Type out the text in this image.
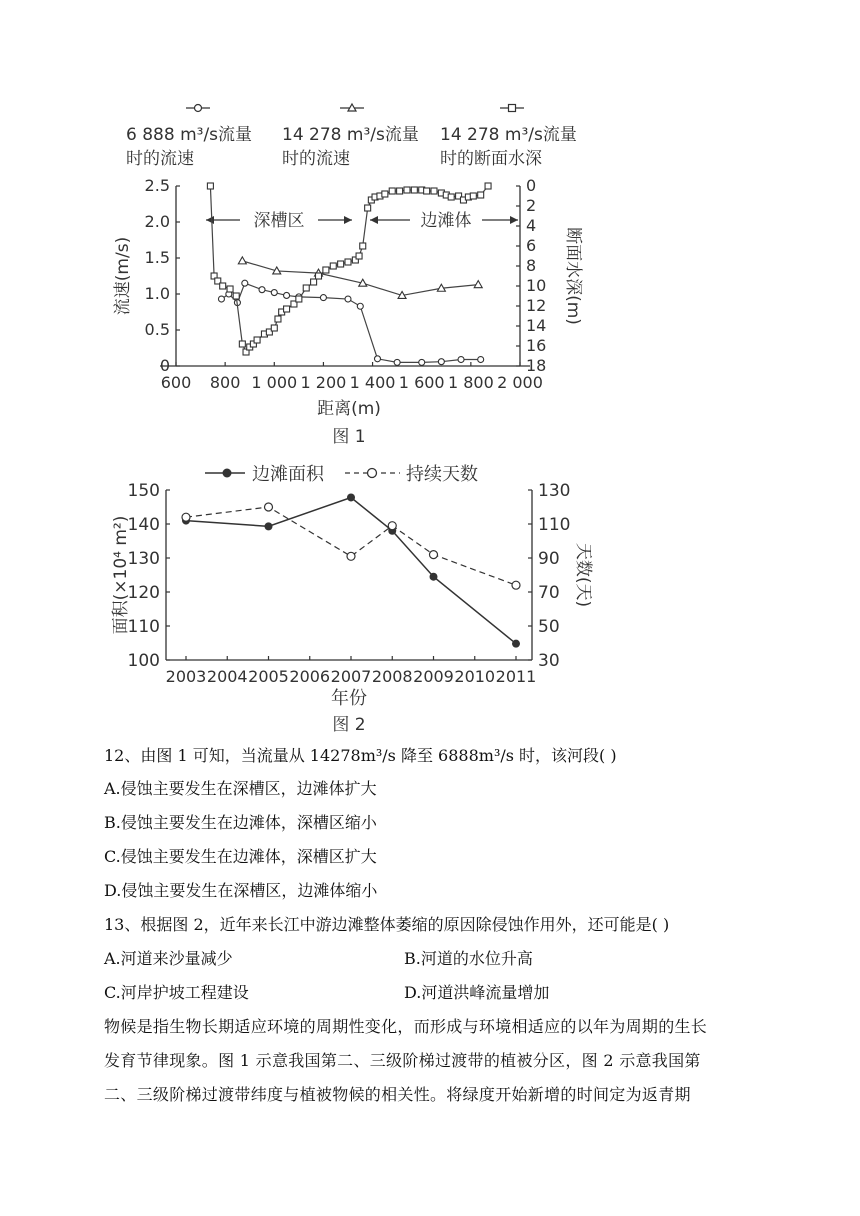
6 888 m³/s流量
时的流速
14 278 m³/s流量
时的流速
14 278 m³/s流量
时的断面水深
600 800 1 000 1 200 1 400 1 600 1 800 2 000
0
0.5
1.0
1.5
2.0
2.5	0
2
4
6
8
10
12
14
16
18
流速(m/s)	断面水深(m)
距离(m)
图 1
深槽区	边滩体
边滩面积	持续天数
2003 2004 2005 2006 2007 2008 2009 2010 2011
100
110
120
130
140
150
30
50
70
90
110
130
面积(×10⁴ m²)	天数(天)
年份
图 2
12、由图 1 可知，当流量从 14278m³/s 降至 6888m³/s 时，该河段( )
A.侵蚀主要发生在深槽区，边滩体扩大
B.侵蚀主要发生在边滩体，深槽区缩小
C.侵蚀主要发生在边滩体，深槽区扩大
D.侵蚀主要发生在深槽区，边滩体缩小
13、根据图 2，近年来长江中游边滩整体萎缩的原因除侵蚀作用外，还可能是( )
A.河道来沙量减少	B.河道的水位升高
C.河岸护坡工程建设	D.河道洪峰流量增加
物候是指生物长期适应环境的周期性变化，而形成与环境相适应的以年为周期的生长
发育节律现象。图 1 示意我国第二、三级阶梯过渡带的植被分区，图 2 示意我国第
二、三级阶梯过渡带纬度与植被物候的相关性。将绿度开始新增的时间定为返青期
